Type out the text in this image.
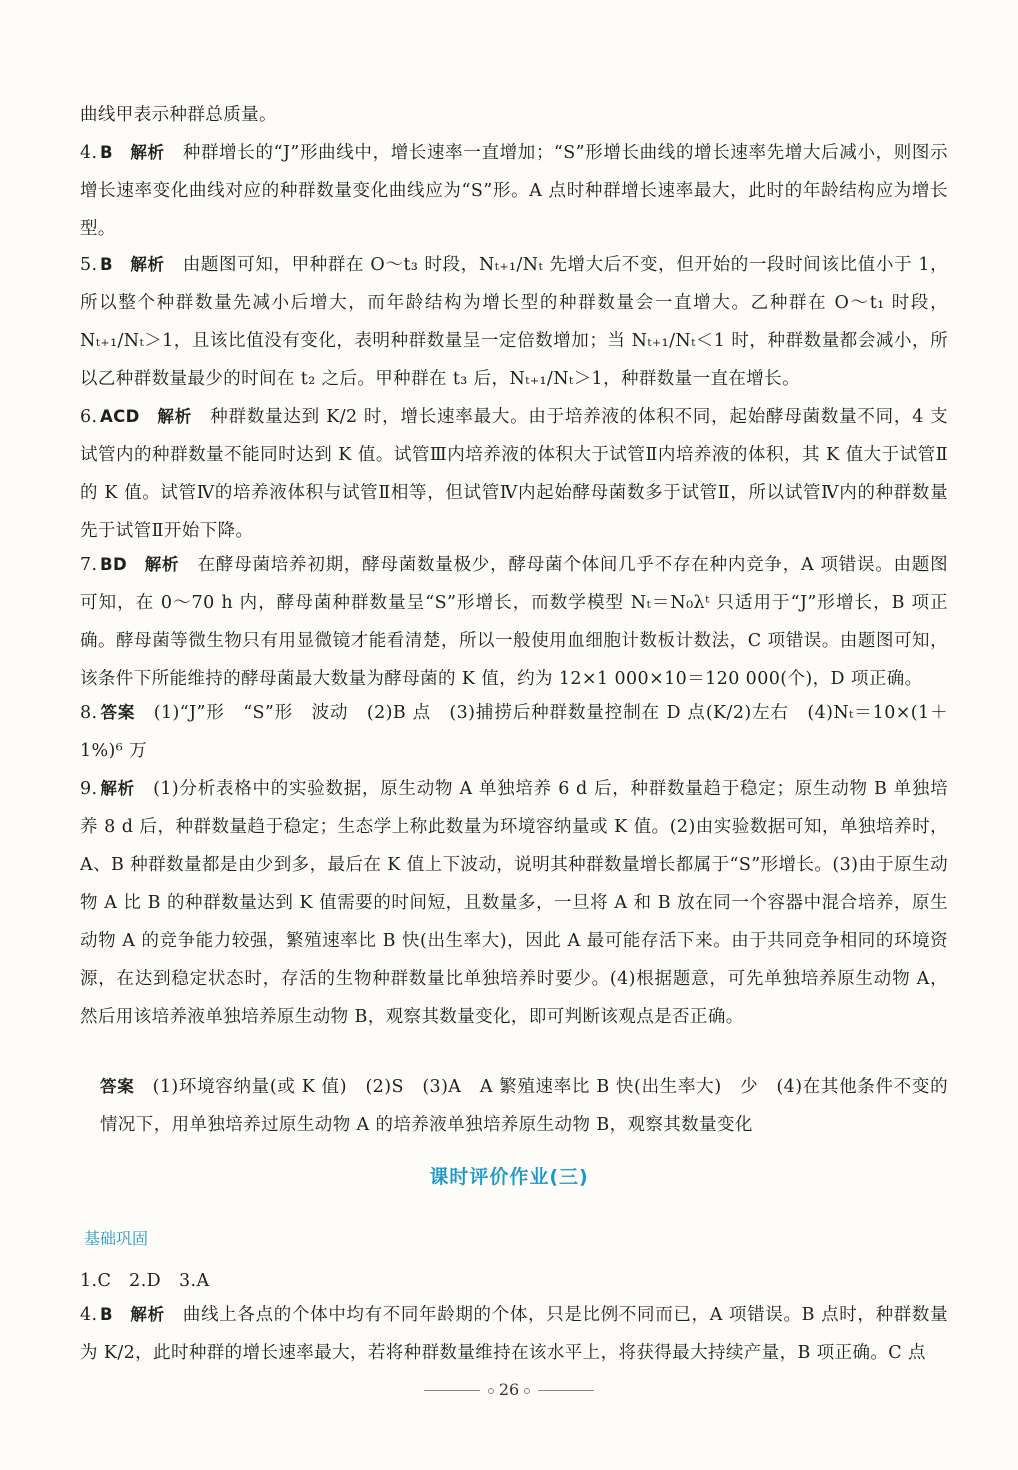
曲线甲表示种群总质量。
4. B　解析　 种群增长的“J”形曲线中，增长速率一直增加；“S”形增长曲线的增长速率先增大后减小，则图示增长速率变化曲线对应的种群数量变化曲线应为“S”形。A 点时种群增长速率最大，此时的年龄结构应为增长型。
5. B　解析　 由题图可知，甲种群在 O～t₃ 时段，Nₜ₊₁/Nₜ 先增大后不变，但开始的一段时间该比值小于 1，所以整个种群数量先减小后增大，而年龄结构为增长型的种群数量会一直增大。乙种群在 O～t₁ 时段，Nₜ₊₁/Nₜ＞1，且该比值没有变化，表明种群数量呈一定倍数增加；当 Nₜ₊₁/Nₜ＜1 时，种群数量都会减小，所以乙种群数量最少的时间在 t₂ 之后。甲种群在 t₃ 后，Nₜ₊₁/Nₜ＞1，种群数量一直在增长。
6. ACD　解析　 种群数量达到 K/2 时，增长速率最大。由于培养液的体积不同，起始酵母菌数量不同，4 支试管内的种群数量不能同时达到 K 值。试管Ⅲ内培养液的体积大于试管Ⅱ内培养液的体积，其 K 值大于试管Ⅱ的 K 值。试管Ⅳ的培养液体积与试管Ⅱ相等，但试管Ⅳ内起始酵母菌数多于试管Ⅱ，所以试管Ⅳ内的种群数量先于试管Ⅱ开始下降。
7. BD　解析　 在酵母菌培养初期，酵母菌数量极少，酵母菌个体间几乎不存在种内竞争，A 项错误。由题图可知，在 0～70 h 内，酵母菌种群数量呈“S”形增长，而数学模型 Nₜ＝N₀λᵗ 只适用于“J”形增长，B 项正确。酵母菌等微生物只有用显微镜才能看清楚，所以一般使用血细胞计数板计数法，C 项错误。由题图可知，该条件下所能维持的酵母菌最大数量为酵母菌的 K 值，约为 12×1 000×10＝120 000(个)，D 项正确。
8. 答案　 (1)“J”形　“S”形　波动　(2)B 点　(3)捕捞后种群数量控制在 D 点(K/2)左右　(4)Nₜ＝10×(1＋1%)⁶ 万
9. 解析　 (1)分析表格中的实验数据，原生动物 A 单独培养 6 d 后，种群数量趋于稳定；原生动物 B 单独培养 8 d 后，种群数量趋于稳定；生态学上称此数量为环境容纳量或 K 值。(2)由实验数据可知，单独培养时，A、B 种群数量都是由少到多，最后在 K 值上下波动，说明其种群数量增长都属于“S”形增长。(3)由于原生动物 A 比 B 的种群数量达到 K 值需要的时间短，且数量多，一旦将 A 和 B 放在同一个容器中混合培养，原生动物 A 的竞争能力较强，繁殖速率比 B 快(出生率大)，因此 A 最可能存活下来。由于共同竞争相同的环境资源，在达到稳定状态时，存活的生物种群数量比单独培养时要少。(4)根据题意，可先单独培养原生动物 A，然后用该培养液单独培养原生动物 B，观察其数量变化，即可判断该观点是否正确。
答案　 (1)环境容纳量(或 K 值)　(2)S　(3)A　A 繁殖速率比 B 快(出生率大)　少　(4)在其他条件不变的情况下，用单独培养过原生动物 A 的培养液单独培养原生动物 B，观察其数量变化
课时评价作业(三)
基础巩固
1.C　2.D　3.A
4. B　解析　 曲线上各点的个体中均有不同年龄期的个体，只是比例不同而已，A 项错误。B 点时，种群数量为 K/2，此时种群的增长速率最大，若将种群数量维持在该水平上，将获得最大持续产量，B 项正确。C 点
26
